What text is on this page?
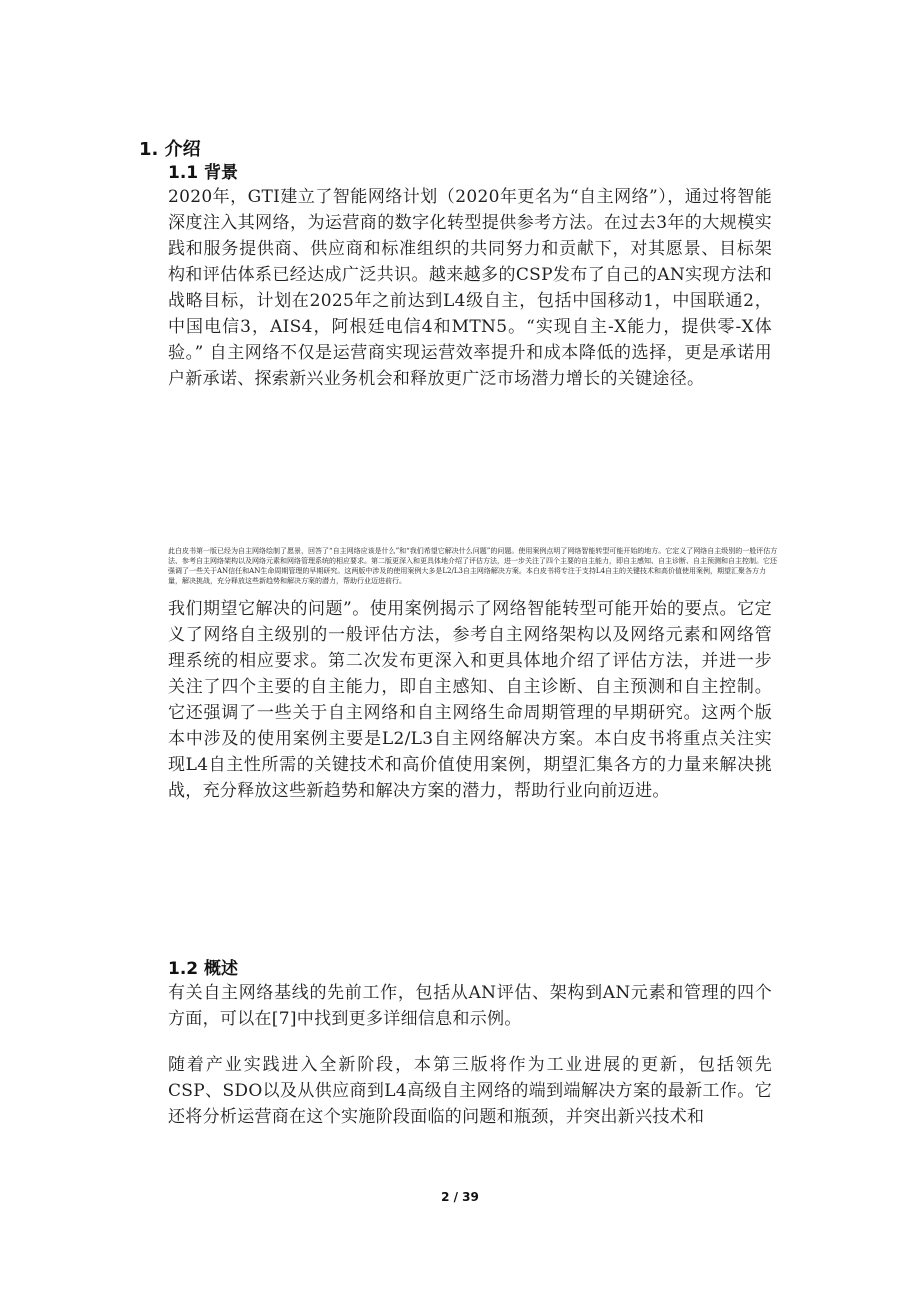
1. 介绍
1.1 背景

2020年，GTI建立了智能网络计划（2020年更名为“自主网络”），通过将智能深度注入其网络，为运营商的数字化转型提供参考方法。在过去3年的大规模实践和服务提供商、供应商和标准组织的共同努力和贡献下，对其愿景、目标架构和评估体系已经达成广泛共识。越来越多的CSP发布了自己的AN实现方法和战略目标，计划在2025年之前达到L4级自主，包括中国移动1，中国联通2，中国电信3，AIS4，阿根廷电信4和MTN5。“实现自主-X能力，提供零-X体验。” 自主网络不仅是运营商实现运营效率提升和成本降低的选择，更是承诺用户新承诺、探索新兴业务机会和释放更广泛市场潜力增长的关键途径。

此白皮书第一版已经为自主网络绘制了愿景，回答了“自主网络应该是什么”和“我们希望它解决什么问题”的问题。使用案例点明了网络智能转型可能开始的地方。它定义了网络自主级别的一般评估方法、参考自主网络架构以及网络元素和网络管理系统的相应要求。第二版更深入和更具体地介绍了评估方法，进一步关注了四个主要的自主能力，即自主感知、自主诊断、自主预测和自主控制。它还强调了一些关于AN信任和AN生命周期管理的早期研究。这两版中涉及的使用案例大多是L2/L3自主网络解决方案。本白皮书将专注于支持L4自主的关键技术和高价值使用案例，期望汇聚各方力量，解决挑战，充分释放这些新趋势和解决方案的潜力，帮助行业迈进前行。

我们期望它解决的问题”。使用案例揭示了网络智能转型可能开始的要点。它定义了网络自主级别的一般评估方法，参考自主网络架构以及网络元素和网络管理系统的相应要求。第二次发布更深入和更具体地介绍了评估方法，并进一步关注了四个主要的自主能力，即自主感知、自主诊断、自主预测和自主控制。它还强调了一些关于自主网络和自主网络生命周期管理的早期研究。这两个版本中涉及的使用案例主要是L2/L3自主网络解决方案。本白皮书将重点关注实现L4自主性所需的关键技术和高价值使用案例，期望汇集各方的力量来解决挑战，充分释放这些新趋势和解决方案的潜力，帮助行业向前迈进。

1.2 概述

有关自主网络基线的先前工作，包括从AN评估、架构到AN元素和管理的四个方面，可以在[7]中找到更多详细信息和示例。

随着产业实践进入全新阶段，本第三版将作为工业进展的更新，包括领先CSP、SDO以及从供应商到L4高级自主网络的端到端解决方案的最新工作。它还将分析运营商在这个实施阶段面临的问题和瓶颈，并突出新兴技术和

2 / 39
